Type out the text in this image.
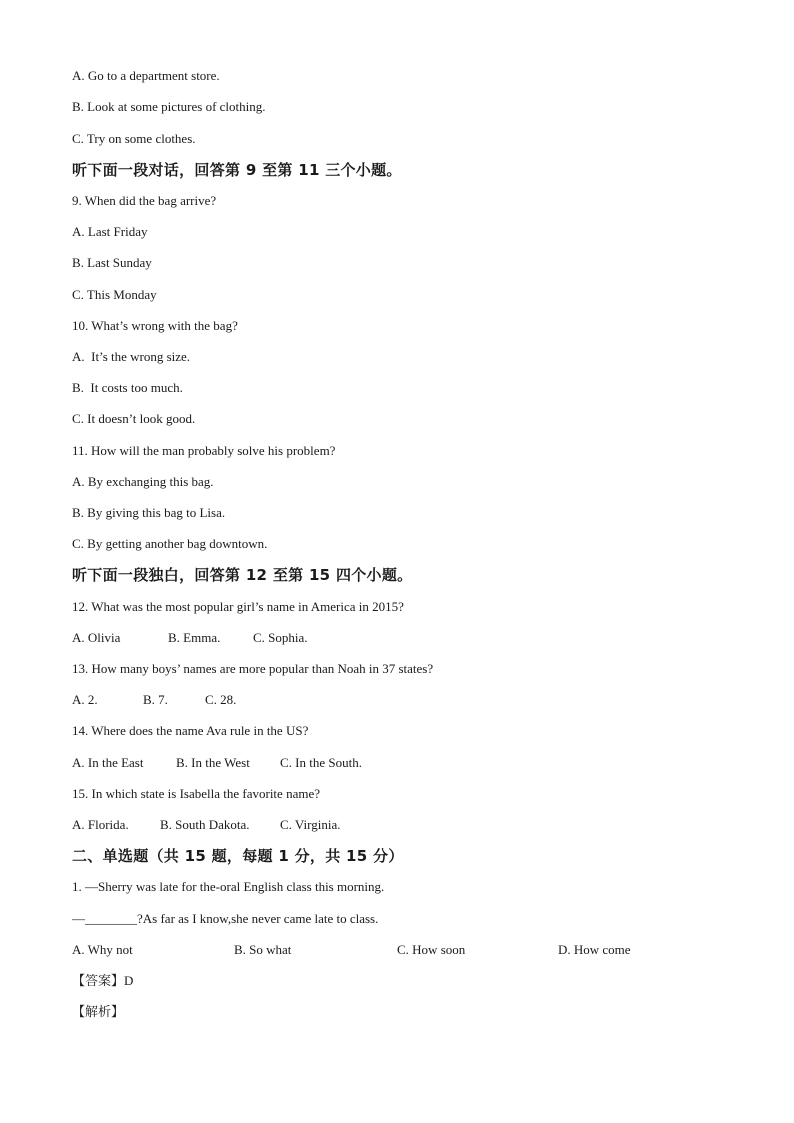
A. Go to a department store.
B. Look at some pictures of clothing.
C. Try on some clothes.
听下面一段对话，回答第 9 至第 11 三个小题。
9. When did the bag arrive?
A. Last Friday
B. Last Sunday
C. This Monday
10. What’s wrong with the bag?
A.  It’s the wrong size.
B.  It costs too much.
C. It doesn’t look good.
11. How will the man probably solve his problem?
A. By exchanging this bag.
B. By giving this bag to Lisa.
C. By getting another bag downtown.
听下面一段独白，回答第 12 至第 15 四个小题。
12. What was the most popular girl’s name in America in 2015?
A. Olivia	B. Emma.	C. Sophia.
13. How many boys’ names are more popular than Noah in 37 states?
A. 2.	B. 7.	C. 28.
14. Where does the name Ava rule in the US?
A. In the East	B. In the West C. In the South.
15. In which state is Isabella the favorite name?
A. Florida. B. South Dakota. C. Virginia.
二、单选题（共 15 题，每题 1 分，共 15 分）
1. —Sherry was late for the-oral English class this morning.
—________?As far as I know,she never came late to class.
A. Why not	B. So what	C. How soon	D. How come
【答案】D
【解析】
